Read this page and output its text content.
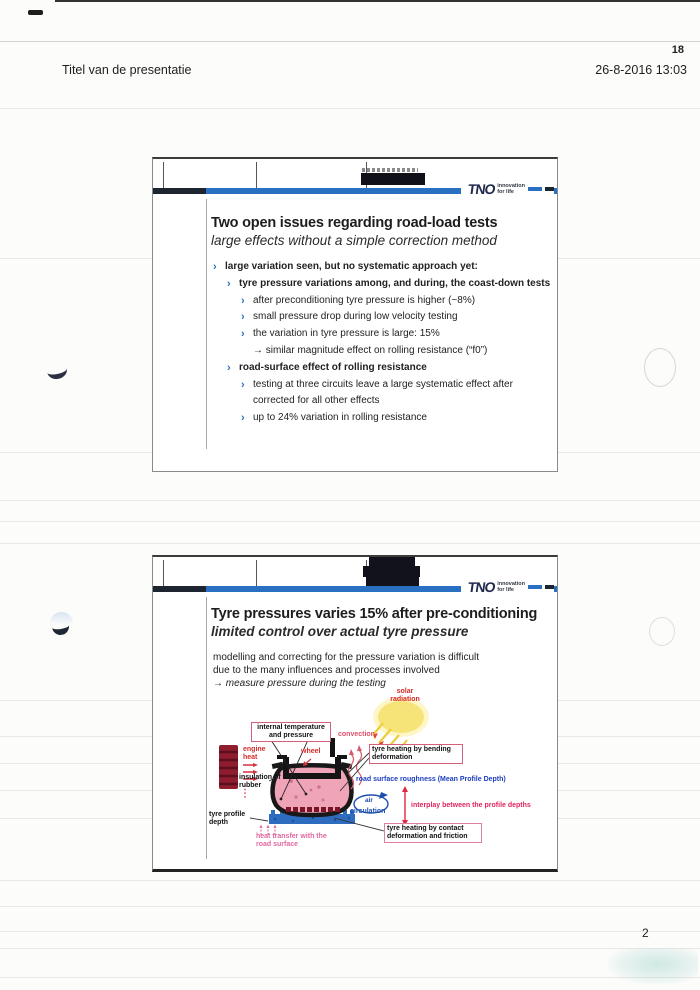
18
Titel van de presentatie	26-8-2016 13:03
2
TNO innovation
for life
Two open issues regarding road-load tests
large effects without a simple correction method
› large variation seen, but no systematic approach yet:
› tyre pressure variations among, and during, the coast-down tests
› after preconditioning tyre pressure is higher (~8%)
› small pressure drop during low velocity testing
› the variation in tyre pressure is large: 15%
→ similar magnitude effect on rolling resistance (“f0”)
› road-surface effect of rolling resistance
› testing at three circuits leave a large systematic effect after corrected for all other effects
› up to 24% variation in rolling resistance
TNO innovation
for life
Tyre pressures varies 15% after pre-conditioning
limited control over actual tyre pressure
modelling and correcting for the pressure variation is difficult
due to the many influences and processes involved
→ measure pressure during the testing
solar radiation
internal temperature and pressure	convection
engine heat
wheel	tyre heating by bending deformation
insulation of rubber
road surface roughness (Mean Profile Depth)
air
circulation
interplay between the profile depths
tyre profile depth
heat transfer with the road surface
tyre heating by contact deformation and friction
